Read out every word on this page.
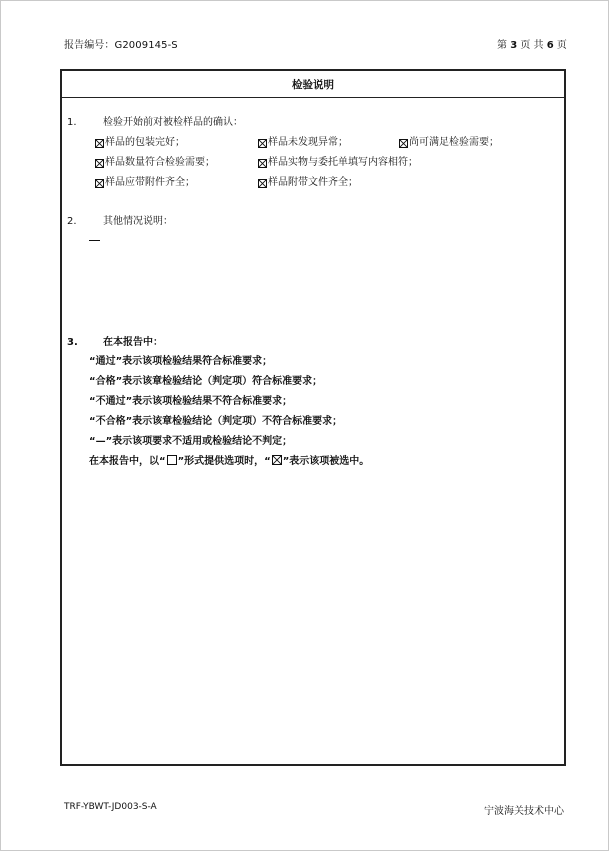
报告编号：G2009145-S	第 3 页 共 6 页
检验说明
1.	检验开始前对被检样品的确认：
样品的包装完好；	样品未发现异常；	尚可满足检验需要；
样品数量符合检验需要；	样品实物与委托单填写内容相符；
样品应带附件齐全；	样品附带文件齐全；
2.	其他情况说明：
3.	在本报告中：
“通过”表示该项检验结果符合标准要求；
“合格”表示该章检验结论（判定项）符合标准要求；
“不通过”表示该项检验结果不符合标准要求；
“不合格”表示该章检验结论（判定项）不符合标准要求；
“—”表示该项要求不适用或检验结论不判定；
在本报告中，以“ ”形式提供选项时，“ ”表示该项被选中。
TRF-YBWT-JD003-S-A	宁波海关技术中心
